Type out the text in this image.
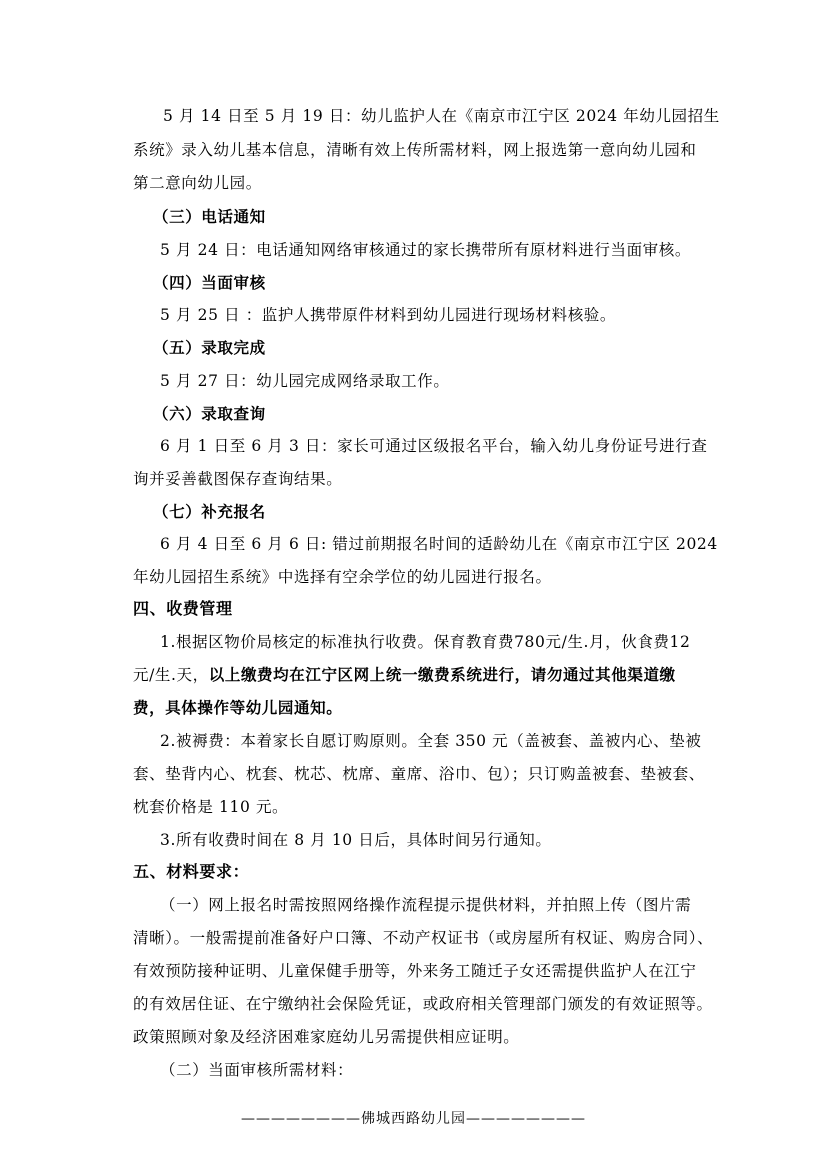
5 月 14 日至 5 月 19 日：幼儿监护人在《南京市江宁区 2024 年幼儿园招生
系统》录入幼儿基本信息，清晰有效上传所需材料，网上报选第一意向幼儿园和
第二意向幼儿园。
（三）电话通知
5 月 24 日：电话通知网络审核通过的家长携带所有原材料进行当面审核。
（四）当面审核
5 月 25 日 ：监护人携带原件材料到幼儿园进行现场材料核验。
（五）录取完成
5 月 27 日：幼儿园完成网络录取工作。
（六）录取查询
6 月 1 日至 6 月 3 日：家长可通过区级报名平台，输入幼儿身份证号进行查
询并妥善截图保存查询结果。
（七）补充报名
6 月 4 日至 6 月 6 日: 错过前期报名时间的适龄幼儿在《南京市江宁区 2024
年幼儿园招生系统》中选择有空余学位的幼儿园进行报名。
四、收费管理
1.根据区物价局核定的标准执行收费。保育教育费780元/生.月，伙食费12
元/生.天，以上缴费均在江宁区网上统一缴费系统进行，请勿通过其他渠道缴
费，具体操作等幼儿园通知。
2.被褥费：本着家长自愿订购原则。全套 350 元（盖被套、盖被内心、垫被
套、垫背内心、枕套、枕芯、枕席、童席、浴巾、包）；只订购盖被套、垫被套、
枕套价格是 110 元。
3.所有收费时间在 8 月 10 日后，具体时间另行通知。
五、材料要求：
（一）网上报名时需按照网络操作流程提示提供材料，并拍照上传（图片需
清晰）。一般需提前准备好户口簿、不动产权证书（或房屋所有权证、购房合同）、
有效预防接种证明、儿童保健手册等，外来务工随迁子女还需提供监护人在江宁
的有效居住证、在宁缴纳社会保险凭证，或政府相关管理部门颁发的有效证照等。
政策照顾对象及经济困难家庭幼儿另需提供相应证明。
（二）当面审核所需材料：
————————佛城西路幼儿园————————
